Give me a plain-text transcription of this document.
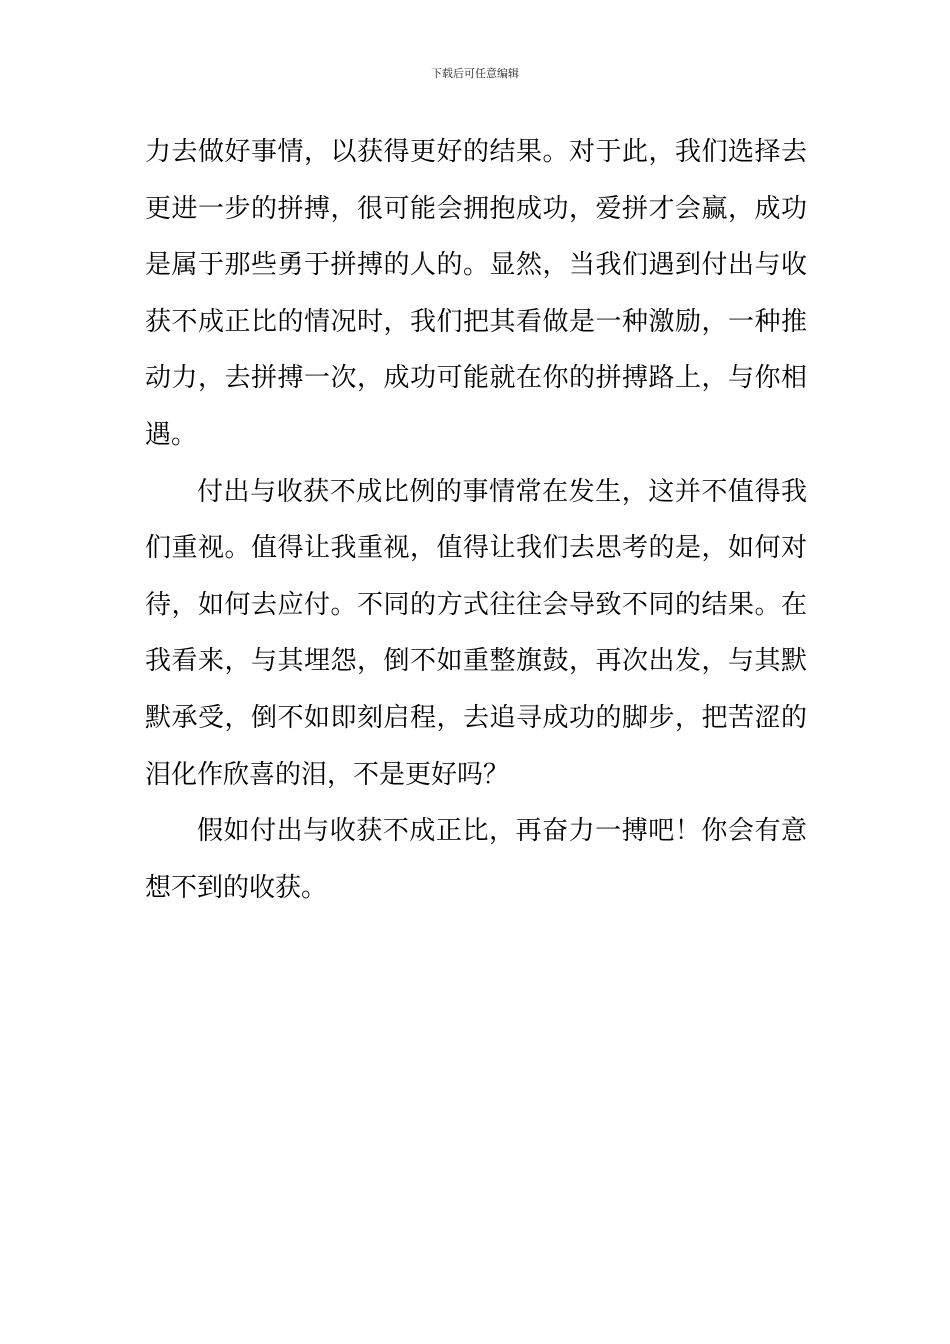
下载后可任意编辑

力去做好事情，以获得更好的结果。对于此，我们选择去更进一步的拼搏，很可能会拥抱成功，爱拼才会赢，成功是属于那些勇于拼搏的人的。显然，当我们遇到付出与收获不成正比的情况时，我们把其看做是一种激励，一种推动力，去拼搏一次，成功可能就在你的拼搏路上，与你相遇。

付出与收获不成比例的事情常在发生，这并不值得我们重视。值得让我重视，值得让我们去思考的是，如何对待，如何去应付。不同的方式往往会导致不同的结果。在我看来，与其埋怨，倒不如重整旗鼓，再次出发，与其默默承受，倒不如即刻启程，去追寻成功的脚步，把苦涩的泪化作欣喜的泪，不是更好吗？

假如付出与收获不成正比，再奋力一搏吧！你会有意想不到的收获。
